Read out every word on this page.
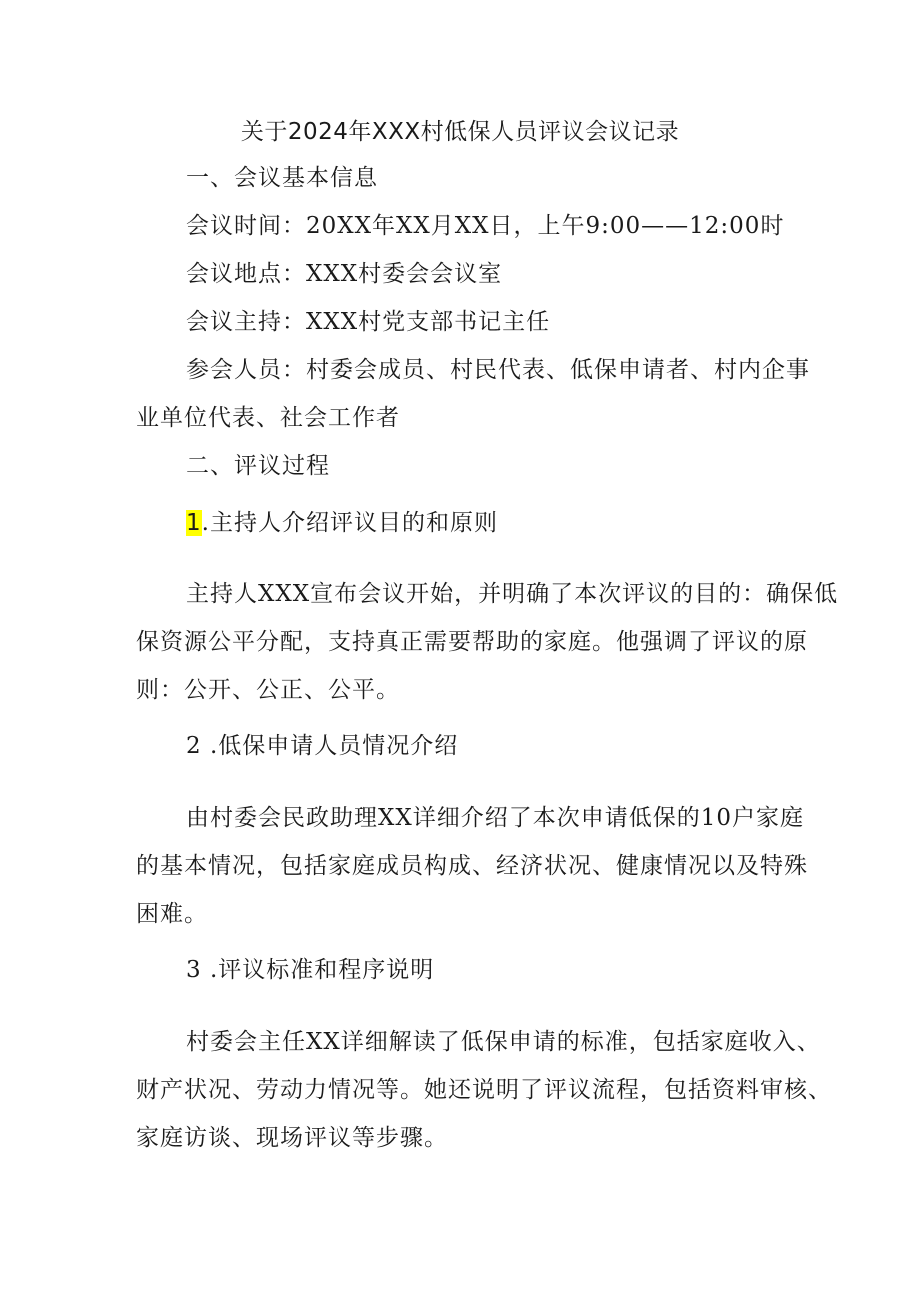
关于2024年XXX村低保人员评议会议记录
一、会议基本信息
会议时间：20XX年XX月XX日，上午9:00——12:00时
会议地点：XXX村委会会议室
会议主持：XXX村党支部书记主任
参会人员：村委会成员、村民代表、低保申请者、村内企事
业单位代表、社会工作者
二、评议过程
1.主持人介绍评议目的和原则
主持人XXX宣布会议开始，并明确了本次评议的目的：确保低
保资源公平分配，支持真正需要帮助的家庭。他强调了评议的原
则：公开、公正、公平。
2 .低保申请人员情况介绍
由村委会民政助理XX详细介绍了本次申请低保的10户家庭
的基本情况，包括家庭成员构成、经济状况、健康情况以及特殊
困难。
3 .评议标准和程序说明
村委会主任XX详细解读了低保申请的标准，包括家庭收入、
财产状况、劳动力情况等。她还说明了评议流程，包括资料审核、
家庭访谈、现场评议等步骤。
